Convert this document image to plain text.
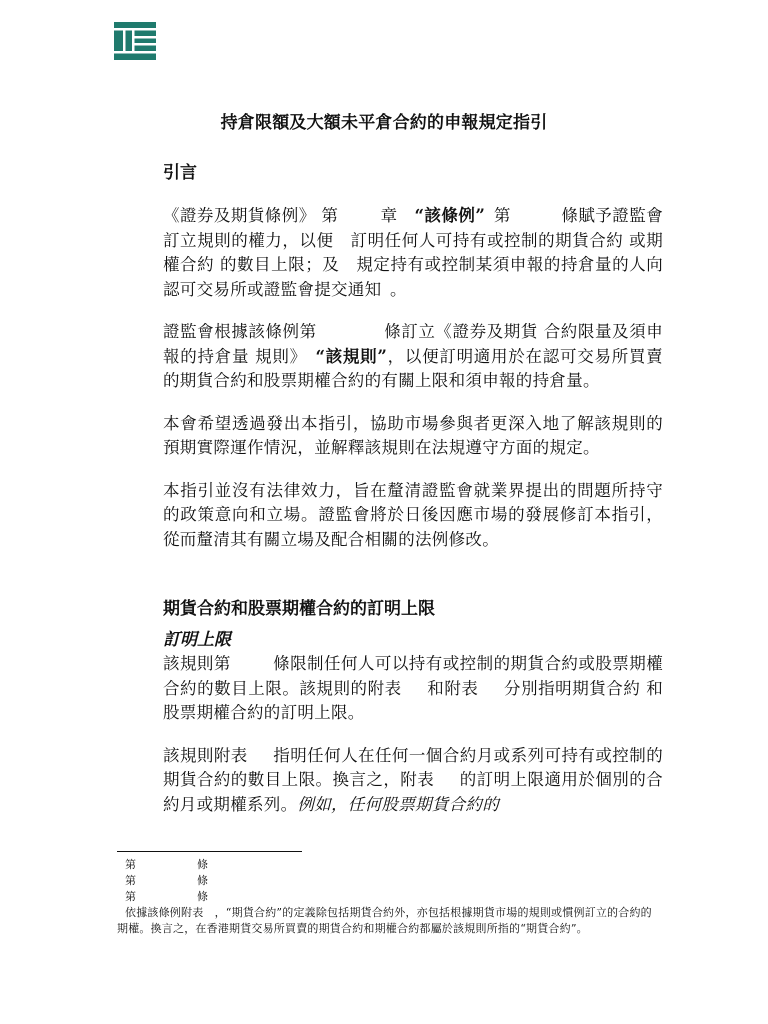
持倉限額及大額未平倉合約的申報規定指引
引言

《證券及期貨條例》 第   	章  “該條例”  第   	條賦予證監會訂立規則的權力，以便  訂明任何人可持有或控制的期貨合約 或期權合約 的數目上限；及  規定持有或控制某須申報的持倉量的人向認可交易所或證監會提交通知  。

證監會根據該條例第    	條訂立《證券及期貨 合約限量及須申報的持倉量 規則》  “該規則”，以便訂明適用於在認可交易所買賣的期貨合約和股票期權合約的有關上限和須申報的持倉量。

本會希望透過發出本指引，協助市場參與者更深入地了解該規則的預期實際運作情況，並解釋該規則在法規遵守方面的規定。

本指引並沒有法律效力，旨在釐清證監會就業界提出的問題所持守的政策意向和立場。證監會將於日後因應市場的發展修訂本指引，從而釐清其有關立場及配合相關的法例修改。

期貨合約和股票期權合約的訂明上限
訂明上限

該規則第   	條限制任何人可以持有或控制的期貨合約或股票期權合約的數目上限。該規則的附表   和附表   分別指明期貨合約 和股票期權合約的訂明上限。

該規則附表   指明任何人在任何一個合約月或系列可持有或控制的期貨合約的數目上限。換言之，附表   的訂明上限適用於個別的合約月或期權系列。例如，任何股票期貨合約的

第	條
第	條
第	條
依據該條例附表　，“期貨合約”的定義除包括期貨合約外，亦包括根據期貨市場的規則或慣例訂立的合約的期權。換言之，在香港期貨交易所買賣的期貨合約和期權合約都屬於該規則所指的“期貨合約”。
